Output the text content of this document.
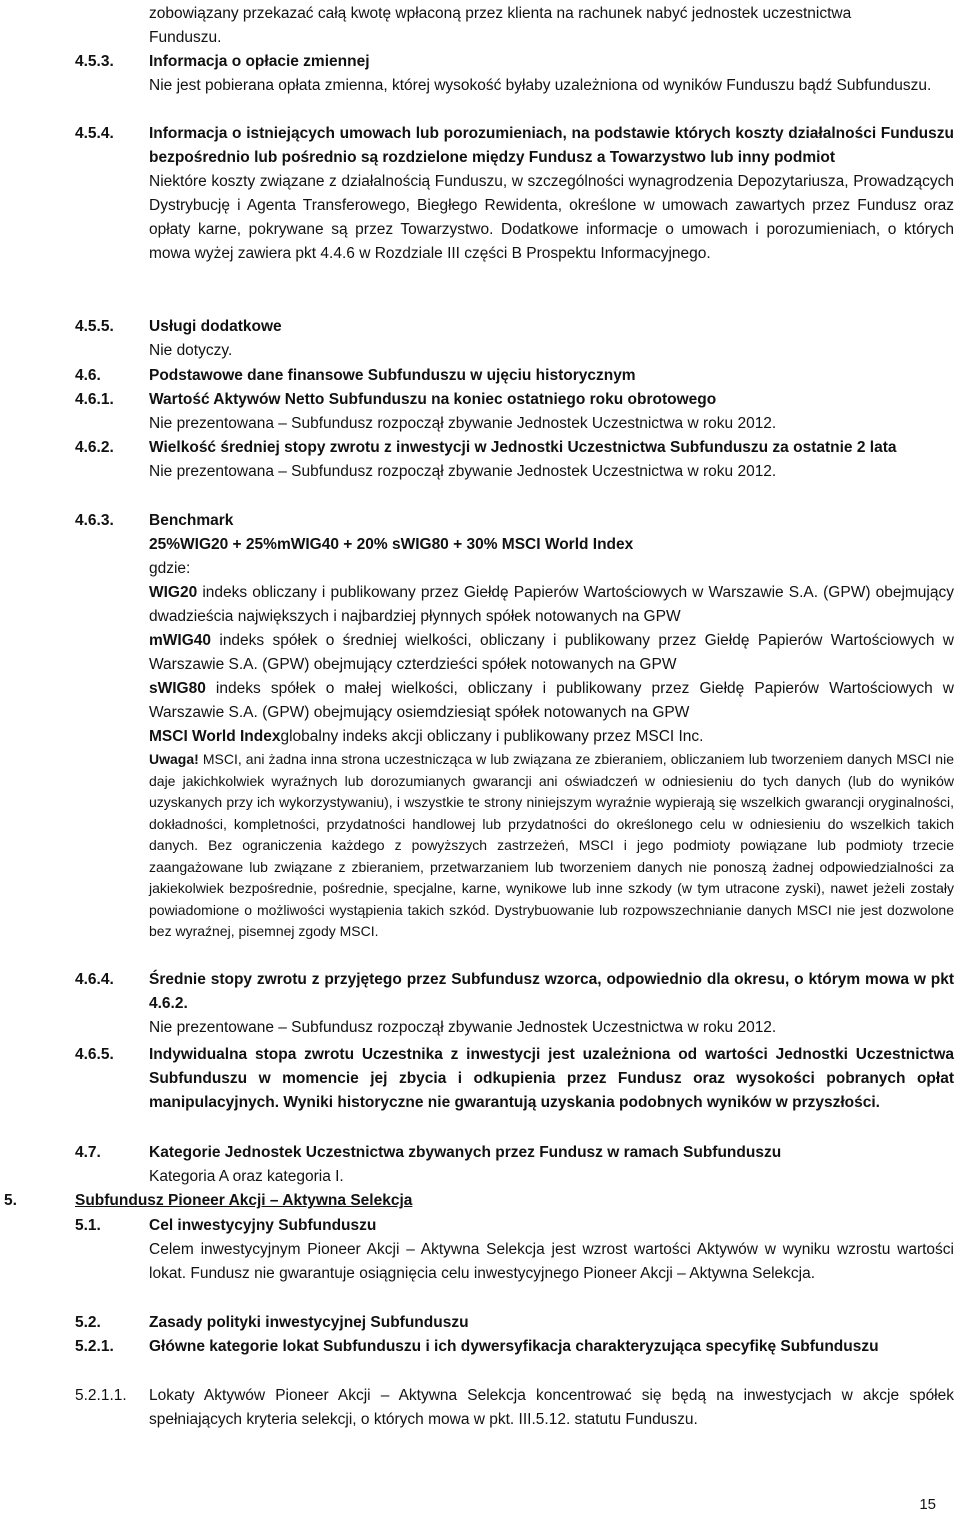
zobowiązany przekazać całą kwotę wpłaconą przez klienta na rachunek nabyć jednostek uczestnictwa

Funduszu.

4.5.3. Informacja o opłacie zmiennej

Nie jest pobierana opłata zmienna, której wysokość byłaby uzależniona od wyników Funduszu bądź Subfunduszu.

4.5.4. Informacja o istniejących umowach lub porozumieniach, na podstawie których koszty działalności Funduszu bezpośrednio lub pośrednio są rozdzielone między Fundusz a Towarzystwo lub inny podmiot

Niektóre koszty związane z działalnością Funduszu, w szczególności wynagrodzenia Depozytariusza, Prowadzących Dystrybucję i Agenta Transferowego, Biegłego Rewidenta, określone w umowach zawartych przez Fundusz oraz opłaty karne, pokrywane są przez Towarzystwo. Dodatkowe informacje o umowach i porozumieniach, o których mowa wyżej zawiera pkt 4.4.6 w Rozdziale III części B Prospektu Informacyjnego.

4.5.5. Usługi dodatkowe

Nie dotyczy.

4.6.	Podstawowe dane finansowe Subfunduszu w ujęciu historycznym

4.6.1. Wartość Aktywów Netto Subfunduszu na koniec ostatniego roku obrotowego

Nie prezentowana – Subfundusz rozpoczął zbywanie Jednostek Uczestnictwa w roku 2012.

4.6.2. Wielkość średniej stopy zwrotu z inwestycji w Jednostki Uczestnictwa Subfunduszu za ostatnie 2 lata

Nie prezentowana – Subfundusz rozpoczął zbywanie Jednostek Uczestnictwa w roku 2012.

4.6.3. Benchmark

25%WIG20 + 25%mWIG40 + 20% sWIG80 + 30% MSCI World Index

gdzie:

WIG20 indeks obliczany i publikowany przez Giełdę Papierów Wartościowych w Warszawie S.A. (GPW) obejmujący dwadzieścia największych i najbardziej płynnych spółek notowanych na GPW

mWIG40 indeks spółek o średniej wielkości, obliczany i publikowany przez Giełdę Papierów Wartościowych w Warszawie S.A. (GPW) obejmujący czterdzieści spółek notowanych na GPW

sWIG80 indeks spółek o małej wielkości, obliczany i publikowany przez Giełdę Papierów Wartościowych w Warszawie S.A. (GPW) obejmujący osiemdziesiąt spółek notowanych na GPW

MSCI World Indexglobalny indeks akcji obliczany i publikowany przez MSCI Inc.

Uwaga! MSCI, ani żadna inna strona uczestnicząca w lub związana ze zbieraniem, obliczaniem lub tworzeniem danych MSCI nie daje jakichkolwiek wyraźnych lub dorozumianych gwarancji ani oświadczeń w odniesieniu do tych danych (lub do wyników uzyskanych przy ich wykorzystywaniu), i wszystkie te strony niniejszym wyraźnie wypierają się wszelkich gwarancji oryginalności, dokładności, kompletności, przydatności handlowej lub przydatności do określonego celu w odniesieniu do wszelkich takich danych. Bez ograniczenia każdego z powyższych zastrzeżeń, MSCI i jego podmioty powiązane lub podmioty trzecie zaangażowane lub związane z zbieraniem, przetwarzaniem lub tworzeniem danych nie ponoszą żadnej odpowiedzialności za jakiekolwiek bezpośrednie, pośrednie, specjalne, karne, wynikowe lub inne szkody (w tym utracone zyski), nawet jeżeli zostały powiadomione o możliwości wystąpienia takich szkód. Dystrybuowanie lub rozpowszechnianie danych MSCI nie jest dozwolone bez wyraźnej, pisemnej zgody MSCI.
4.6.4. Średnie stopy zwrotu z przyjętego przez Subfundusz wzorca, odpowiednio dla okresu, o którym mowa w pkt 4.6.2.

Nie prezentowane – Subfundusz rozpoczął zbywanie Jednostek Uczestnictwa w roku 2012.

4.6.5. Indywidualna stopa zwrotu Uczestnika z inwestycji jest uzależniona od wartości Jednostki Uczestnictwa Subfunduszu w momencie jej zbycia i odkupienia przez Fundusz oraz wysokości pobranych opłat manipulacyjnych. Wyniki historyczne nie gwarantują uzyskania podobnych wyników w przyszłości.

4.7.	Kategorie Jednostek Uczestnictwa zbywanych przez Fundusz w ramach Subfunduszu

Kategoria A oraz kategoria I.

5.	Subfundusz Pioneer Akcji – Aktywna Selekcja

5.1.	Cel inwestycyjny Subfunduszu

Celem inwestycyjnym Pioneer Akcji – Aktywna Selekcja jest wzrost wartości Aktywów w wyniku wzrostu wartości lokat. Fundusz nie gwarantuje osiągnięcia celu inwestycyjnego Pioneer Akcji – Aktywna Selekcja.

5.2.	Zasady polityki inwestycyjnej Subfunduszu

5.2.1. Główne kategorie lokat Subfunduszu i ich dywersyfikacja charakteryzująca specyfikę Subfunduszu

5.2.1.1. Lokaty Aktywów Pioneer Akcji – Aktywna Selekcja koncentrować się będą na inwestycjach w akcje spółek spełniających kryteria selekcji, o których mowa w pkt. III.5.12. statutu Funduszu.

15
